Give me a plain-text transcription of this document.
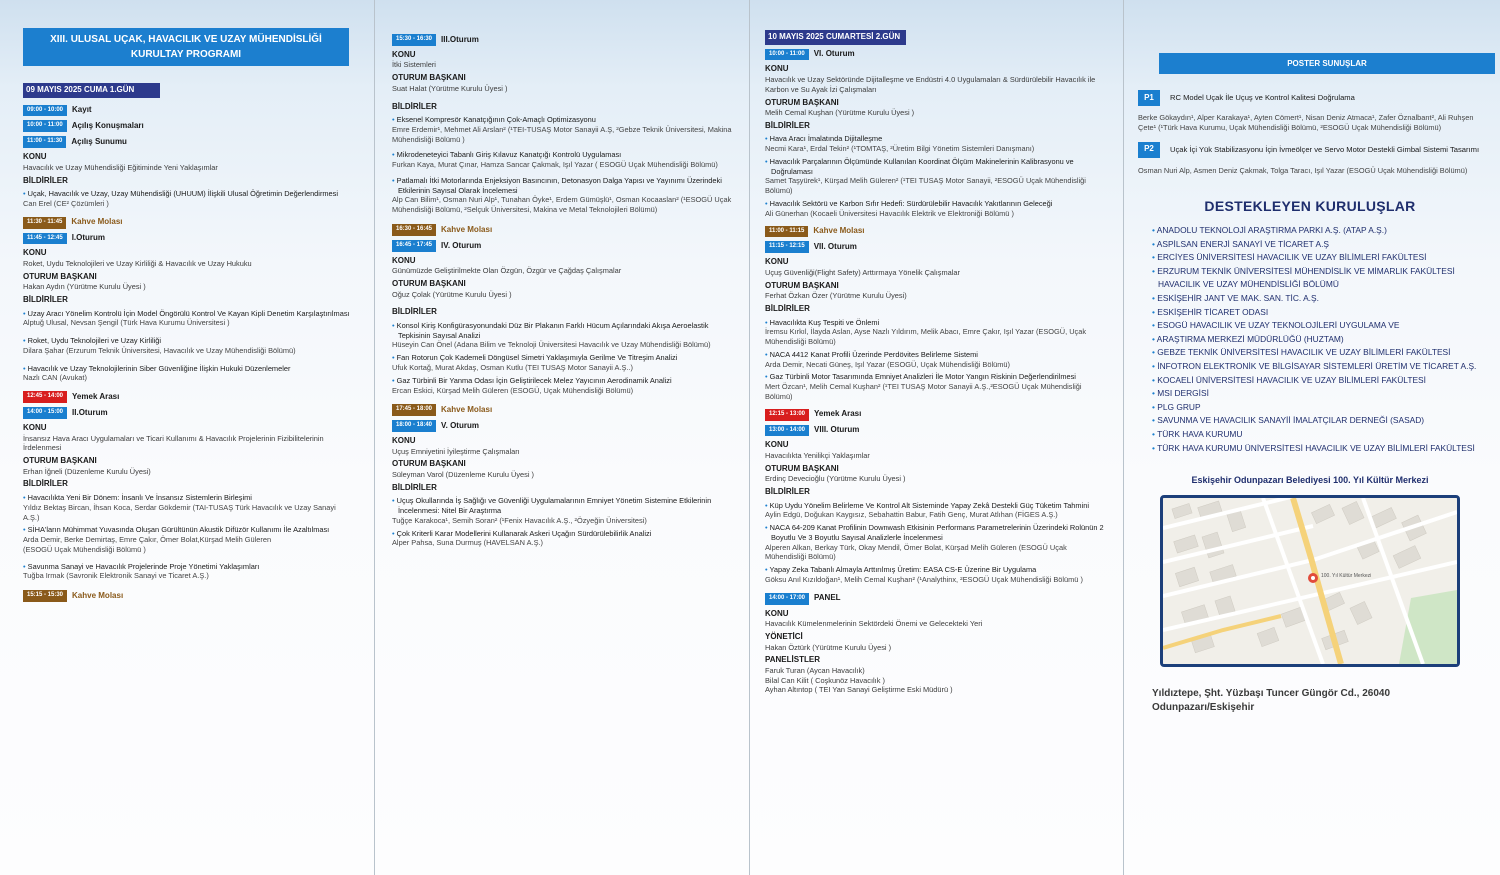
XIII. ULUSAL UÇAK, HAVACILIK VE UZAY MÜHENDİSLİĞİ KURULTAY PROGRAMI
09 MAYIS 2025 CUMA 1.GÜN
09:00 - 10:00	Kayıt
10:00 - 11:00	Açılış Konuşmaları
11:00 - 11:30	Açılış Sunumu
KONU
Havacılık ve Uzay Mühendisliği Eğitiminde Yeni Yaklaşımlar
BİLDİRİLER
• Uçak, Havacılık ve Uzay, Uzay Mühendisliği (UHUUM) İlişkili Ulusal Öğretimin Değerlendirmesi
Can Erel (CE² Çözümleri )
11:30 - 11:45	Kahve Molası
11:45 - 12:45	I.Oturum
KONU
Roket, Uydu Teknolojileri ve Uzay Kirliliği & Havacılık ve Uzay Hukuku
OTURUM BAŞKANI
Hakan Aydın (Yürütme Kurulu Üyesi )
BİLDİRİLER
• Uzay Aracı Yönelim Kontrolü İçin Model Öngörülü Kontrol Ve Kayan Kipli Denetim Karşılaştırılması
Alptuğ Ulusal, Nevsan Şengil (Türk Hava Kurumu Üniversitesi )
• Roket, Uydu Teknolojileri ve Uzay Kirliliği
Dilara Şahar (Erzurum Teknik Üniversitesi, Havacılık ve Uzay Mühendisliği Bölümü)
• Havacılık ve Uzay Teknolojilerinin Siber Güvenliğine İlişkin Hukuki Düzenlemeler
Nazlı CAN (Avukat)
12:45 - 14:00	Yemek Arası
14:00 - 15:00	II.Oturum
KONU
İnsansız Hava Aracı Uygulamaları ve Ticari Kullanımı & Havacılık Projelerinin Fizibilitelerinin İrdelenmesi
OTURUM BAŞKANI
Erhan İğneli (Düzenleme Kurulu Üyesi)
BİLDİRİLER
• Havacılıkta Yeni Bir Dönem: İnsanlı Ve İnsansız Sistemlerin Birleşimi
Yıldız Bektaş Bircan, İhsan Koca, Serdar Gökdemir (TAI-TUSAŞ Türk Havacılık ve Uzay Sanayi A.Ş.)
• SİHA'ların Mühimmat Yuvasında Oluşan Gürültünün Akustik Difüzör Kullanımı İle Azaltılması
Arda Demir, Berke Demirtaş, Emre Çakır, Ömer Bolat,Kürşad Melih Güleren
(ESOGÜ Uçak Mühendisliği Bölümü )
• Savunma Sanayi ve Havacılık Projelerinde Proje Yönetimi Yaklaşımları
Tuğba Irmak (Savronik Elektronik Sanayi ve Ticaret A.Ş.)
15:15 - 15:30	Kahve Molası
15:30 - 16:30	III.Oturum
KONU
İtki Sistemleri
OTURUM BAŞKANI
Suat Halat (Yürütme Kurulu Üyesi )
BİLDİRİLER
• Eksenel Kompresör Kanatçığının Çok-Amaçlı Optimizasyonu
Emre Erdemir¹, Mehmet Ali Arslan² (¹TEI-TUSAŞ Motor Sanayii A.Ş, ²Gebze Teknik Üniversitesi, Makina Mühendisliği Bölümü )
• Mikrodeneteyici Tabanlı Giriş Kılavuz Kanatçığı Kontrolü Uygulaması
Furkan Kaya, Murat Çınar, Hamza Sancar Çakmak, Işıl Yazar ( ESOGÜ Uçak Mühendisliği Bölümü)
• Patlamalı İtki Motorlarında Enjeksiyon Basıncının, Detonasyon Dalga Yapısı ve Yayınımı Üzerindeki Etkilerinin Sayısal Olarak İncelemesi
Alp Can Bilim¹, Osman Nuri Alp¹, Tunahan Öyke¹, Erdem Gümüşlü¹, Osman Kocaaslan² (¹ESOGÜ Uçak Mühendisliği Bölümü, ²Selçuk Üniversitesi, Makina ve Metal Teknolojileri Bölümü)
16:30 - 16:45	Kahve Molası
16:45 - 17:45	IV. Oturum
KONU
Günümüzde Geliştirilmekte Olan Özgün, Özgür ve Çağdaş Çalışmalar
OTURUM BAŞKANI
Oğuz Çolak (Yürütme Kurulu Üyesi )
BİLDİRİLER
• Konsol Kiriş Konfigürasyonundaki Düz Bir Plakanın Farklı Hücum Açılarındaki Akışa Aeroelastik Tepkisinin Sayısal Analizi
Hüseyin Can Önel (Adana Bilim ve Teknoloji Üniversitesi Havacılık ve Uzay Mühendisliği Bölümü)
• Fan Rotorun Çok Kademeli Döngüsel Simetri Yaklaşımıyla Gerilme Ve Titreşim Analizi
Ufuk Kortağ, Murat Akdaş, Osman Kutlu (TEI TUSAŞ Motor Sanayii A.Ş..)
• Gaz Türbinli Bir Yanma Odası İçin Geliştirilecek Melez Yayıcının Aerodinamik Analizi
Ercan Eskici, Kürşad Melih Güleren (ESOGÜ, Uçak Mühendisliği Bölümü)
17:45 - 18:00	Kahve Molası
18:00 - 18:40	V. Oturum
KONU
Uçuş Emniyetini İyileştirme Çalışmaları
OTURUM BAŞKANI
Süleyman Varol (Düzenleme Kurulu Üyesi )
BİLDİRİLER
• Uçuş Okullarında İş Sağlığı ve Güvenliği Uygulamalarının Emniyet Yönetim Sistemine Etkilerinin İncelenmesi: Nitel Bir Araştırma
Tuğçe Karakoca¹, Semih Soran² (¹Fenix Havacılık A.Ş., ²Özyeğin Üniversitesi)
• Çok Kriterli Karar Modellerini Kullanarak Askeri Uçağın Sürdürülebilirlik Analizi
Alper Pahsa, Suna Durmuş (HAVELSAN A.Ş.)
10 MAYIS 2025 CUMARTESİ 2.GÜN
10:00 - 11:00	VI. Oturum
KONU
Havacılık ve Uzay Sektöründe Dijitalleşme ve Endüstri 4.0 Uygulamaları & Sürdürülebilir Havacılık ile Karbon ve Su Ayak İzi Çalışmaları
OTURUM BAŞKANI
Melih Cemal Kuşhan (Yürütme Kurulu Üyesi )
BİLDİRİLER
• Hava Aracı İmalatında Dijitalleşme
Necmi Kara¹, Erdal Tekin² (¹TOMTAŞ, ²Üretim Bilgi Yönetim Sistemleri Danışmanı)
• Havacılık Parçalarının Ölçümünde Kullanılan Koordinat Ölçüm Makinelerinin Kalibrasyonu ve Doğrulaması
Samet Taşyürek¹, Kürşad Melih Güleren² (¹TEI TUSAŞ Motor Sanayii, ²ESOGÜ Uçak Mühendisliği Bölümü)
• Havacılık Sektörü ve Karbon Sıfır Hedefi: Sürdürülebilir Havacılık Yakıtlarının Geleceği
Ali Günerhan (Kocaeli Üniversitesi Havacılık Elektrik ve Elektroniği Bölümü )
11:00 - 11:15	Kahve Molası
11:15 - 12:15	VII. Oturum
KONU
Uçuş Güvenliği(Flight Safety) Arttırmaya Yönelik Çalışmalar
OTURUM BAŞKANI
Ferhat Özkan Özer (Yürütme Kurulu Üyesi)
BİLDİRİLER
• Havacılıkta Kuş Tespiti ve Önlemi
İremsu Kırkıl, İlayda Aslan, Ayse Nazlı Yıldırım, Melik Abacı, Emre Çakır, Işıl Yazar (ESOGÜ, Uçak Mühendisliği Bölümü)
• NACA 4412 Kanat Profili Üzerinde Perdövites Belirleme Sistemi
Arda Demir, Necati Güneş, Işıl Yazar (ESOGÜ, Uçak Mühendisliği Bölümü)
• Gaz Türbinli Motor Tasarımında Emniyet Analizleri İle Motor Yangın Riskinin Değerlendirilmesi
Mert Özcan¹, Melih Cemal Kuşhan² (¹TEI TUSAŞ Motor Sanayii A.Ş.,²ESOGÜ Uçak Mühendisliği Bölümü)
12:15 - 13:00	Yemek Arası
13:00 - 14:00	VIII. Oturum
KONU
Havacılıkta Yenilikçi Yaklaşımlar
OTURUM BAŞKANI
Erdinç Devecioğlu (Yürütme Kurulu Üyesi )
BİLDİRİLER
• Küp Uydu Yönelim Belirleme Ve Kontrol Alt Sisteminde Yapay Zekâ Destekli Güç Tüketim Tahmini
Aylin Edgü, Doğukan Kaygısız, Sebahattin Babur, Fatih Genç, Murat Atlıhan (FİGES A.Ş.)
• NACA 64-209 Kanat Profilinin Downwash Etkisinin Performans Parametrelerinin Üzerindeki Rolünün 2 Boyutlu Ve 3 Boyutlu Sayısal Analizlerle İncelenmesi
Alperen Alkan, Berkay Türk, Okay Mendil, Ömer Bolat, Kürşad Melih Güleren (ESOGÜ Uçak Mühendisliği Bölümü)
• Yapay Zeka Tabanlı Almayla Arttırılmış Üretim: EASA CS-E Üzerine Bir Uygulama
Göksu Anıl Kızıldoğan¹, Melih Cemal Kuşhan² (¹Analythinx, ²ESOGÜ Uçak Mühendisliği Bölümü )
14:00 - 17:00	PANEL
KONU
Havacılık Kümelenmelerinin Sektördeki Önemi ve Gelecekteki Yeri
YÖNETİCİ
Hakan Öztürk (Yürütme Kurulu Üyesi )
PANELİSTLER
Faruk Turan (Aycan Havacılık)
Bilal Can Kilit ( Coşkunöz Havacılık )
Ayhan Altıntop ( TEI Yan Sanayi Geliştirme Eski Müdürü )
POSTER SUNUŞLAR
P1	RC Model Uçak İle Uçuş ve Kontrol Kalitesi Doğrulama
Berke Gökaydın¹, Alper Karakaya¹, Ayten Cömert¹, Nisan Deniz Atmaca¹, Zafer Öznalbant², Ali Ruhşen Çete¹ (¹Türk Hava Kurumu, Uçak Mühendisliği Bölümü, ²ESOGÜ Uçak Mühendisliği Bölümü)
P2	Uçak İçi Yük Stabilizasyonu İçin İvmeölçer ve Servo Motor Destekli Gimbal Sistemi Tasarımı
Osman Nuri Alp, Asmen Deniz Çakmak, Tolga Taracı, Işıl Yazar (ESOGÜ Uçak Mühendisliği Bölümü)
DESTEKLEYEN KURULUŞLAR
• ANADOLU TEKNOLOJİ ARAŞTIRMA PARKI A.Ş. (ATAP A.Ş.)
• ASPİLSAN ENERJİ SANAYİ VE TİCARET A.Ş
• ERCİYES ÜNİVERSİTESİ HAVACILIK VE UZAY BİLİMLERİ FAKÜLTESİ
• ERZURUM TEKNİK ÜNİVERSİTESİ MÜHENDİSLİK VE MİMARLIK FAKÜLTESİ
HAVACILIK VE UZAY MÜHENDİSLİĞİ BÖLÜMÜ
• ESKİŞEHİR JANT VE MAK. SAN. TİC. A.Ş.
• ESKİŞEHİR TİCARET ODASI
• ESOGÜ HAVACILIK VE UZAY TEKNOLOJİLERİ UYGULAMA VE
• ARAŞTIRMA MERKEZİ MÜDÜRLÜĞÜ (HUZTAM)
• GEBZE TEKNİK ÜNİVERSİTESİ HAVACILIK VE UZAY BİLİMLERİ FAKÜLTESİ
• İNFOTRON ELEKTRONİK VE BİLGİSAYAR SİSTEMLERİ ÜRETİM VE TİCARET A.Ş.
• KOCAELİ ÜNİVERSİTESİ HAVACILIK VE UZAY BİLİMLERİ FAKÜLTESİ
• MSI DERGİSİ
• PLG GRUP
• SAVUNMA VE HAVACILIK SANAYİİ İMALATÇILAR DERNEĞİ (SASAD)
• TÜRK HAVA KURUMU
• TÜRK HAVA KURUMU ÜNİVERSİTESİ HAVACILIK VE UZAY BİLİMLERİ FAKÜLTESİ
Eskişehir Odunpazarı Belediyesi 100. Yıl Kültür Merkezi
100. Yıl Kültür Merkezi
Yıldıztepe, Şht. Yüzbaşı Tuncer Güngör Cd., 26040
Odunpazarı/Eskişehir
